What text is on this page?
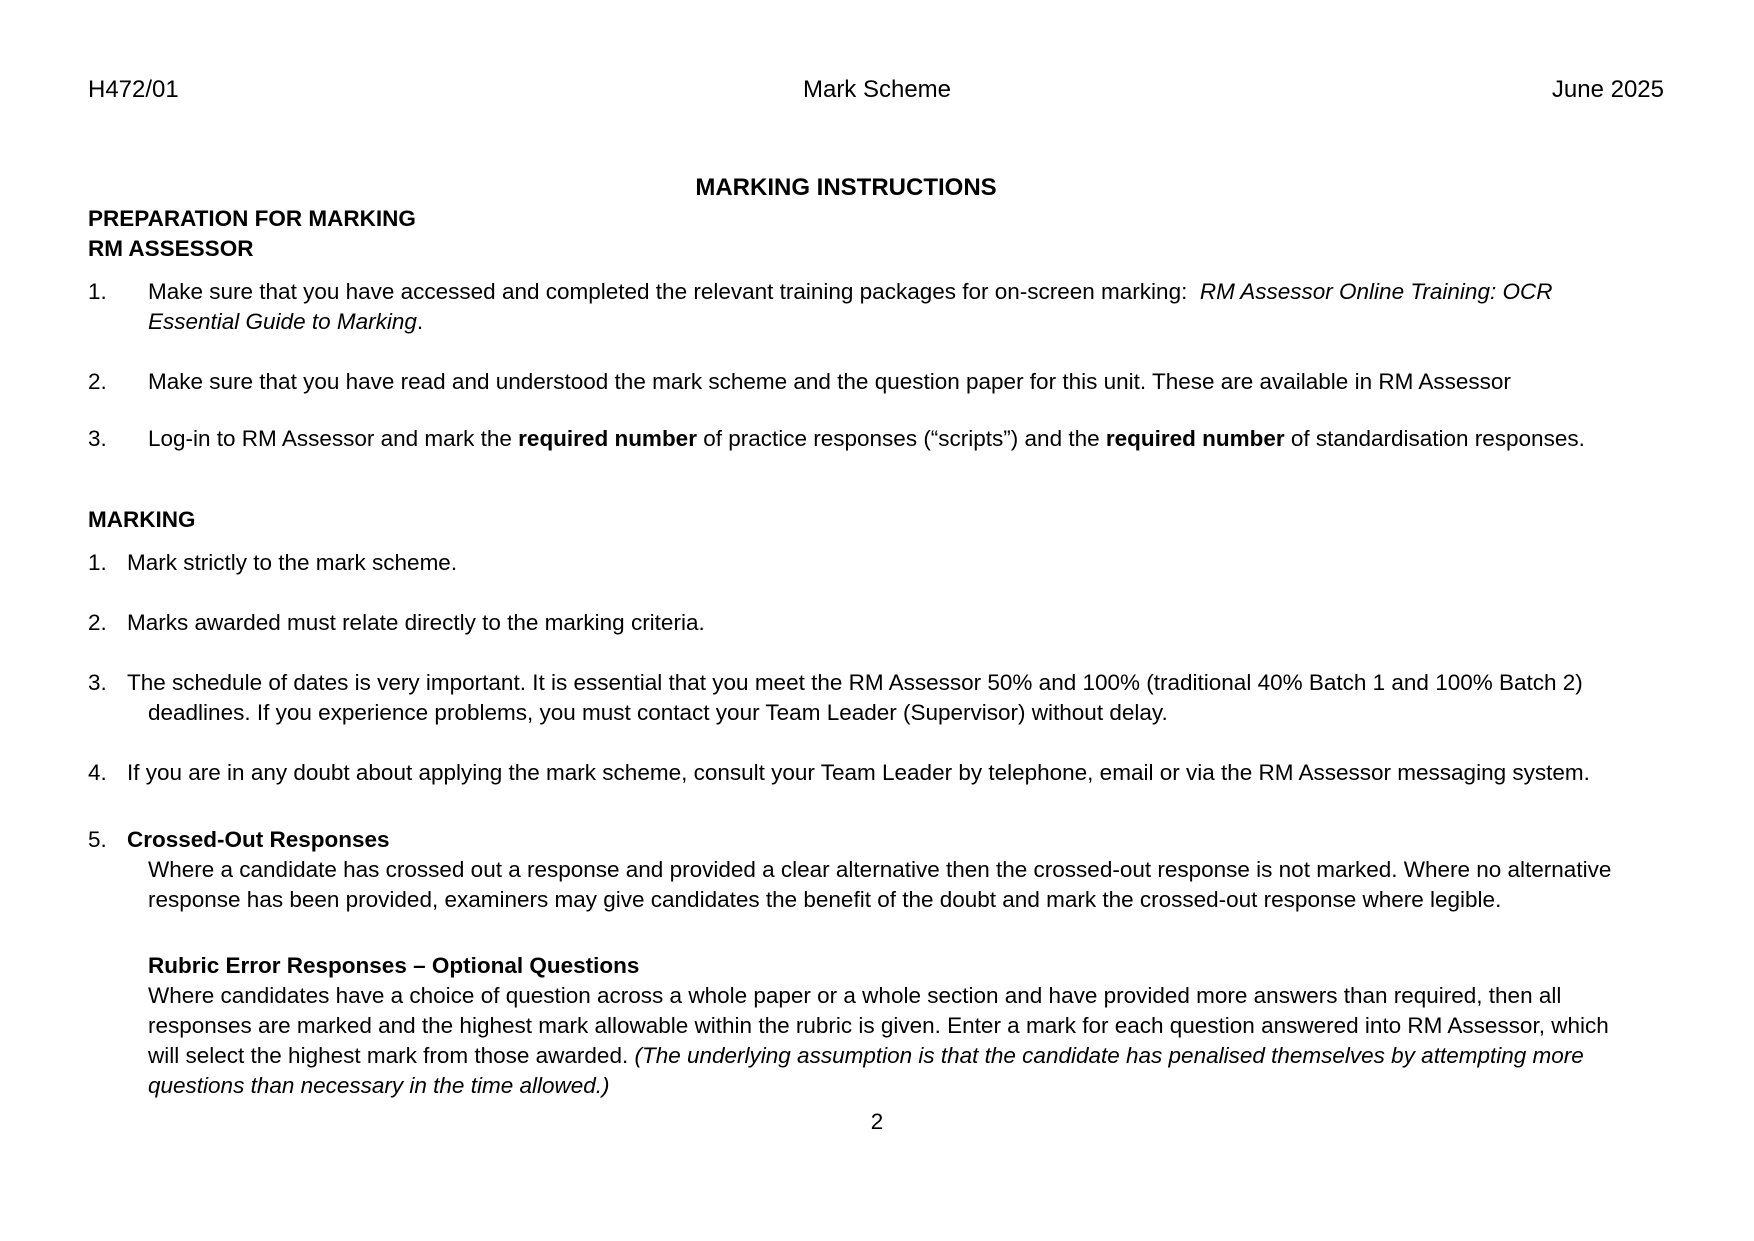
H472/01	Mark Scheme	June 2025
MARKING INSTRUCTIONS
PREPARATION FOR MARKING
RM ASSESSOR
1. Make sure that you have accessed and completed the relevant training packages for on-screen marking: RM Assessor Online Training: OCR
Essential Guide to Marking.
2. Make sure that you have read and understood the mark scheme and the question paper for this unit. These are available in RM Assessor
3. Log-in to RM Assessor and mark the required number of practice responses (“scripts”) and the required number of standardisation responses.
MARKING
1. Mark strictly to the mark scheme.
2. Marks awarded must relate directly to the marking criteria.
3. The schedule of dates is very important. It is essential that you meet the RM Assessor 50% and 100% (traditional 40% Batch 1 and 100% Batch 2)
deadlines. If you experience problems, you must contact your Team Leader (Supervisor) without delay.
4. If you are in any doubt about applying the mark scheme, consult your Team Leader by telephone, email or via the RM Assessor messaging system.
5. Crossed-Out Responses
Where a candidate has crossed out a response and provided a clear alternative then the crossed-out response is not marked. Where no alternative
response has been provided, examiners may give candidates the benefit of the doubt and mark the crossed-out response where legible.
Rubric Error Responses – Optional Questions
Where candidates have a choice of question across a whole paper or a whole section and have provided more answers than required, then all
responses are marked and the highest mark allowable within the rubric is given. Enter a mark for each question answered into RM Assessor, which
will select the highest mark from those awarded. (The underlying assumption is that the candidate has penalised themselves by attempting more
questions than necessary in the time allowed.)
2
